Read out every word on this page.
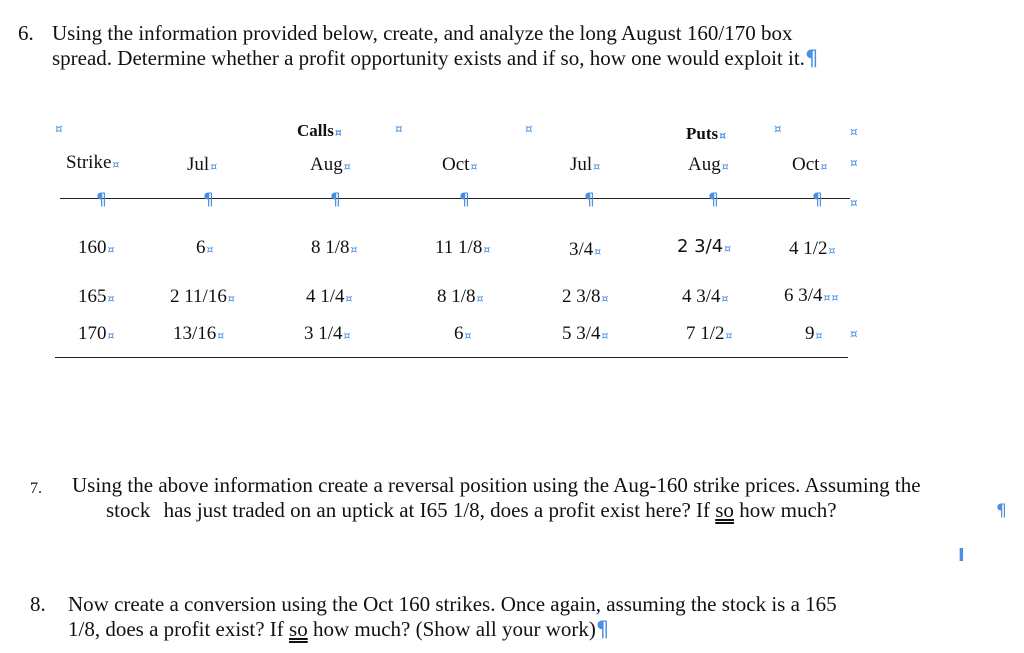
6. Using the information provided below, create, and analyze the long August 160/170 box
spread. Determine whether a profit opportunity exists and if so, how one would exploit it.¶
¤	Calls¤	¤	¤	Puts¤	¤	¤
Strike¤	Jul¤	Aug¤	Oct¤	Jul¤	Aug¤	Oct¤ ¤
¶	¶	¶	¶	¶	¶	¶ ¤
160¤	6¤	8 1/8¤	11 1/8¤	3/4¤	2 3/4¤	4 1/2¤
165¤	2 11/16¤	4 1/4¤	8 1/8¤	2 3/8¤	4 3/4¤	6 3/4¤¤
170¤	13/16¤	3 1/4¤	6¤	5 3/4¤	7 1/2¤	9¤ ¤
7. Using the above information create a reversal position using the Aug-160 strike prices. Assuming the
stock has just traded on an uptick at I65 1/8, does a profit exist here? If so how much?	¶
I
8. Now create a conversion using the Oct 160 strikes. Once again, assuming the stock is a 165
1/8, does a profit exist? If so how much? (Show all your work)¶
